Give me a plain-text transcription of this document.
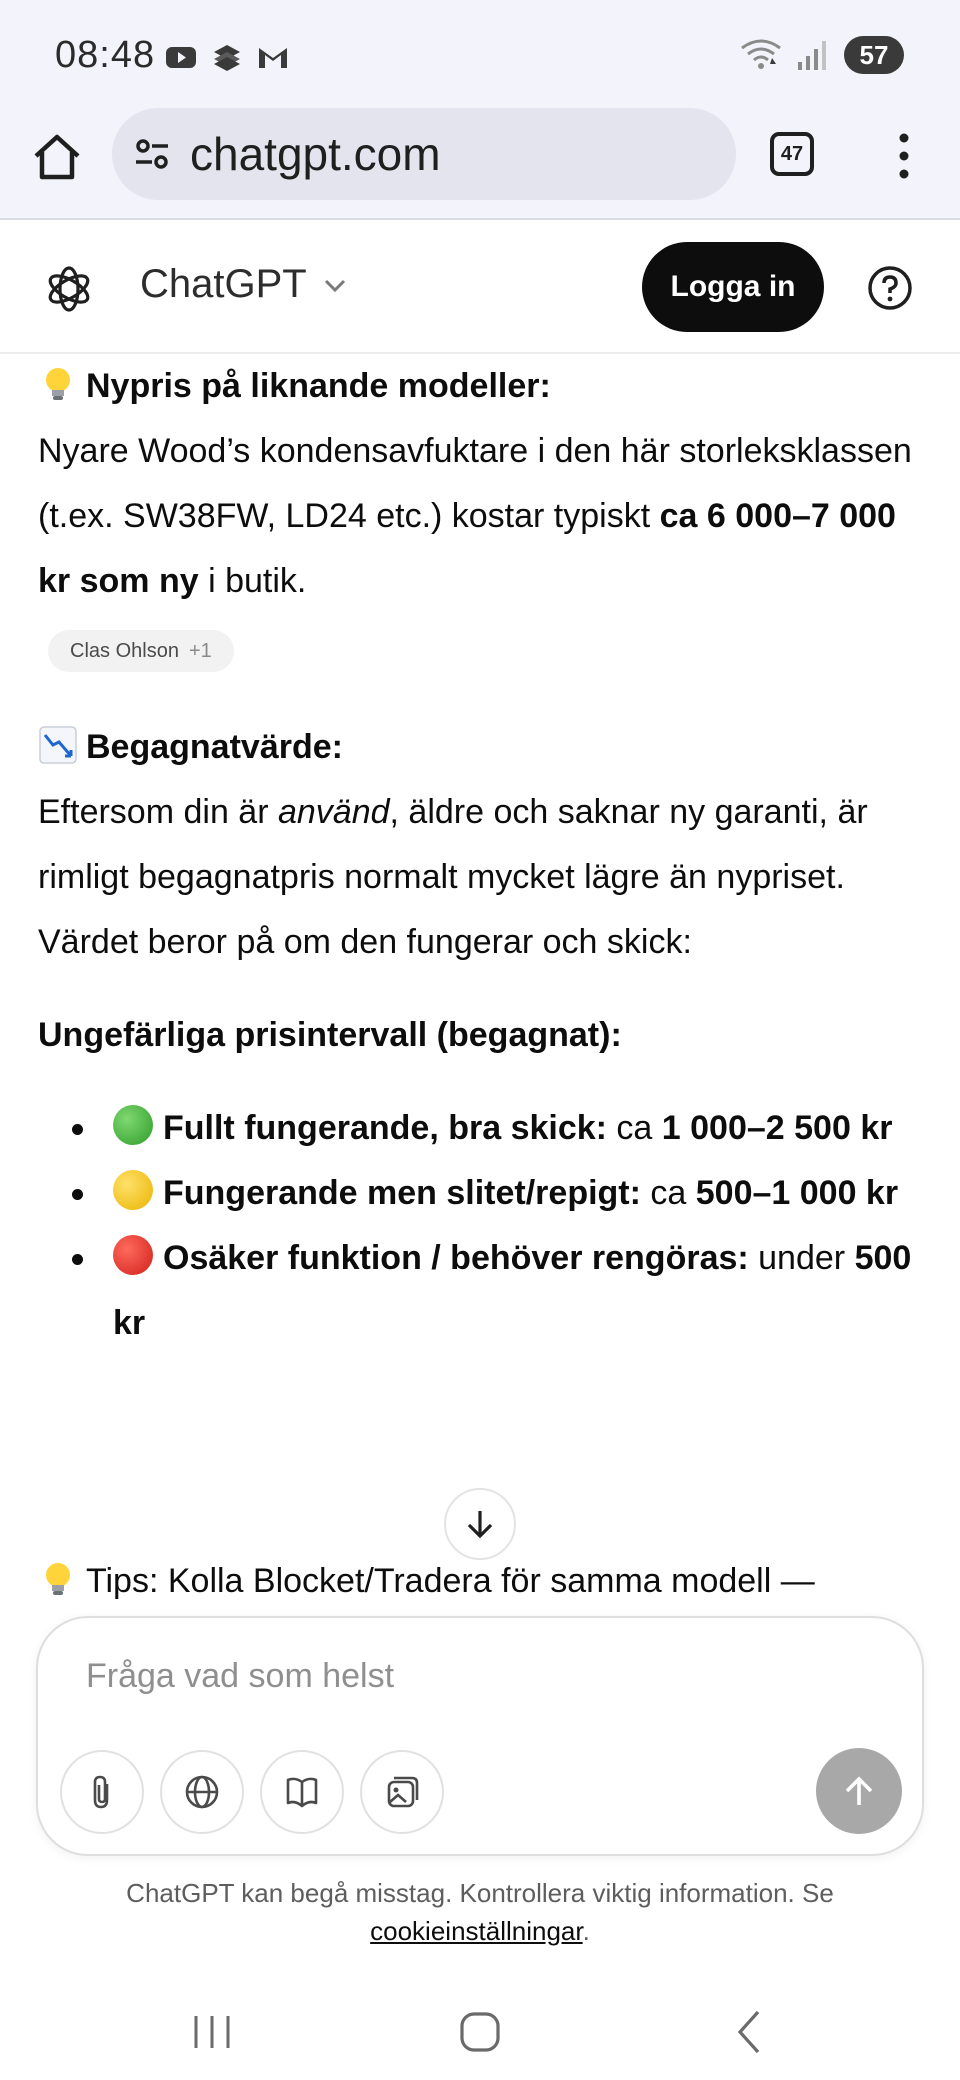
08:48	57
chatgpt.com	47
ChatGPT	Logga in

Nypris på liknande modeller:
Nyare Wood’s kondensavfuktare i den här storleksklassen (t.ex. SW38FW, LD24 etc.) kostar typiskt ca 6 000–7 000 kr som ny i butik.

Clas Ohlson +1

Begagnatvärde:
Eftersom din är använd, äldre och saknar ny garanti, är rimligt begagnatpris normalt mycket lägre än nypriset. Värdet beror på om den fungerar och skick:

Ungefärliga prisintervall (begagnat):

Fullt fungerande, bra skick: ca 1 000–2 500 kr
Fungerande men slitet/repigt: ca 500–1 000 kr
Osäker funktion / behöver rengöras: under 500 kr
Tips: Kolla Blocket/Tradera för samma modell —
Fråga vad som helst
ChatGPT kan begå misstag. Kontrollera viktig information. Se
cookieinställningar.
